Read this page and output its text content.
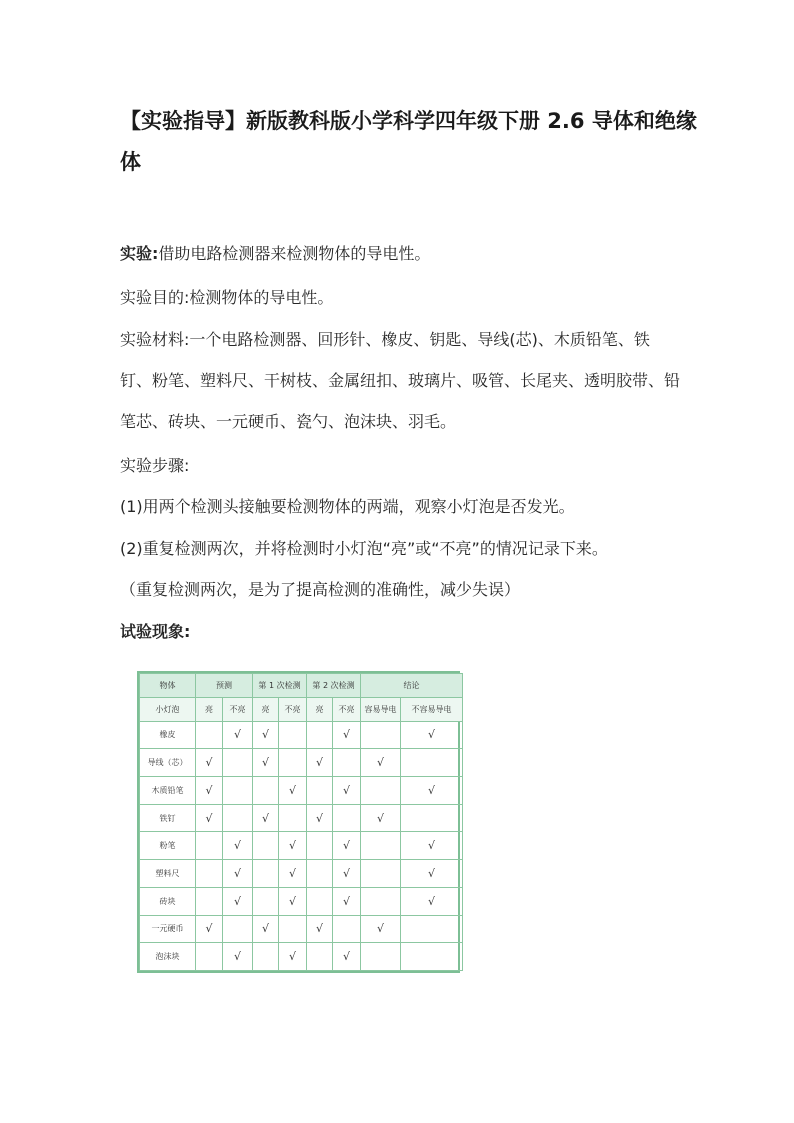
【实验指导】新版教科版小学科学四年级下册 2.6 导体和绝缘体
实验:借助电路检测器来检测物体的导电性。
实验目的:检测物体的导电性。
实验材料:一个电路检测器、回形针、橡皮、钥匙、导线(芯)、木质铅笔、铁钉、粉笔、塑料尺、干树枝、金属纽扣、玻璃片、吸管、长尾夹、透明胶带、铅笔芯、砖块、一元硬币、瓷勺、泡沫块、羽毛。
实验步骤:
(1)用两个检测头接触要检测物体的两端，观察小灯泡是否发光。
(2)重复检测两次，并将检测时小灯泡“亮”或“不亮”的情况记录下来。
（重复检测两次，是为了提高检测的准确性，减少失误）
试验现象:
物体	预测		第 1 次检测		第 2 次检测		结论	
小灯泡	亮	不亮	亮	不亮	亮	不亮	容易导电	不容易导电
橡皮		√	√			√		√
导线（芯）	√		√		√		√	
木质铅笔	√			√		√		√
铁钉	√		√		√		√	
粉笔		√		√		√		√
塑料尺		√		√		√		√
砖块		√		√		√		√
一元硬币	√		√		√		√	
泡沫块		√		√		√		
